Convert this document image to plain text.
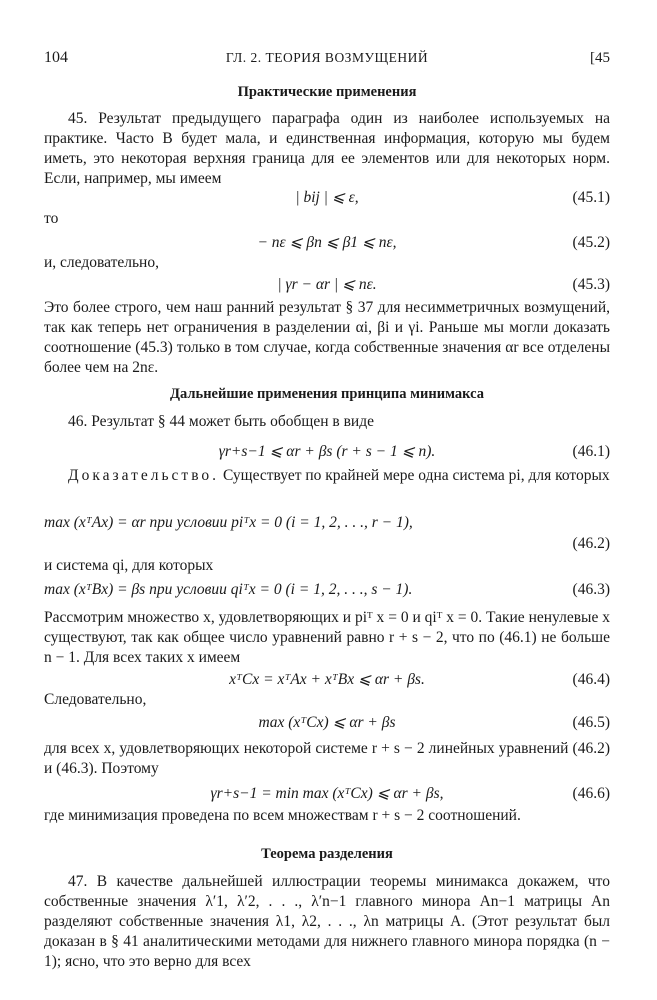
104	ГЛ. 2. ТЕОРИЯ ВОЗМУЩЕНИЙ	[45
Практические применения
45. Результат предыдущего параграфа один из наиболее используемых на практике. Часто B будет мала, и единственная информация, которую мы будем иметь, это некоторая верхняя граница для ее элементов или для некоторых норм. Если, например, мы имеем
| bij | ⩽ ε,	(45.1)
то
− nε ⩽ βn ⩽ β1 ⩽ nε,	(45.2)
и, следовательно,
| γr − αr | ⩽ nε.	(45.3)
Это более строго, чем наш ранний результат § 37 для несимметричных возмущений, так как теперь нет ограничения в разделении αi, βi и γi. Раньше мы могли доказать соотношение (45.3) только в том случае, когда собственные значения αr все отделены более чем на 2nε.
Дальнейшие применения принципа минимакса
46. Результат § 44 может быть обобщен в виде
γr+s−1 ⩽ αr + βs (r + s − 1 ⩽ n).	(46.1)
Доказательство. Существует по крайней мере одна система pi, для которых
max (xᵀAx) = αr при условии piᵀx = 0 (i = 1, 2, . . ., r − 1),
(46.2)
и система qi, для которых
max (xᵀBx) = βs при условии qiᵀx = 0 (i = 1, 2, . . ., s − 1).	(46.3)
Рассмотрим множество x, удовлетворяющих и piᵀ x = 0 и qiᵀ x = 0. Такие ненулевые x существуют, так как общее число уравнений равно r + s − 2, что по (46.1) не больше n − 1. Для всех таких x имеем
xᵀCx = xᵀAx + xᵀBx ⩽ αr + βs.	(46.4)
Следовательно,
max (xᵀCx) ⩽ αr + βs	(46.5)
для всех x, удовлетворяющих некоторой системе r + s − 2 линейных уравнений (46.2) и (46.3). Поэтому
γr+s−1 = min max (xᵀCx) ⩽ αr + βs,	(46.6)
где минимизация проведена по всем множествам r + s − 2 соотношений.
Теорема разделения
47. В качестве дальнейшей иллюстрации теоремы минимакса докажем, что собственные значения λ′1, λ′2, . . ., λ′n−1 главного минора An−1 матрицы An разделяют собственные значения λ1, λ2, . . ., λn матрицы A. (Этот результат был доказан в § 41 аналитическими методами для нижнего главного минора порядка (n − 1); ясно, что это верно для всех
